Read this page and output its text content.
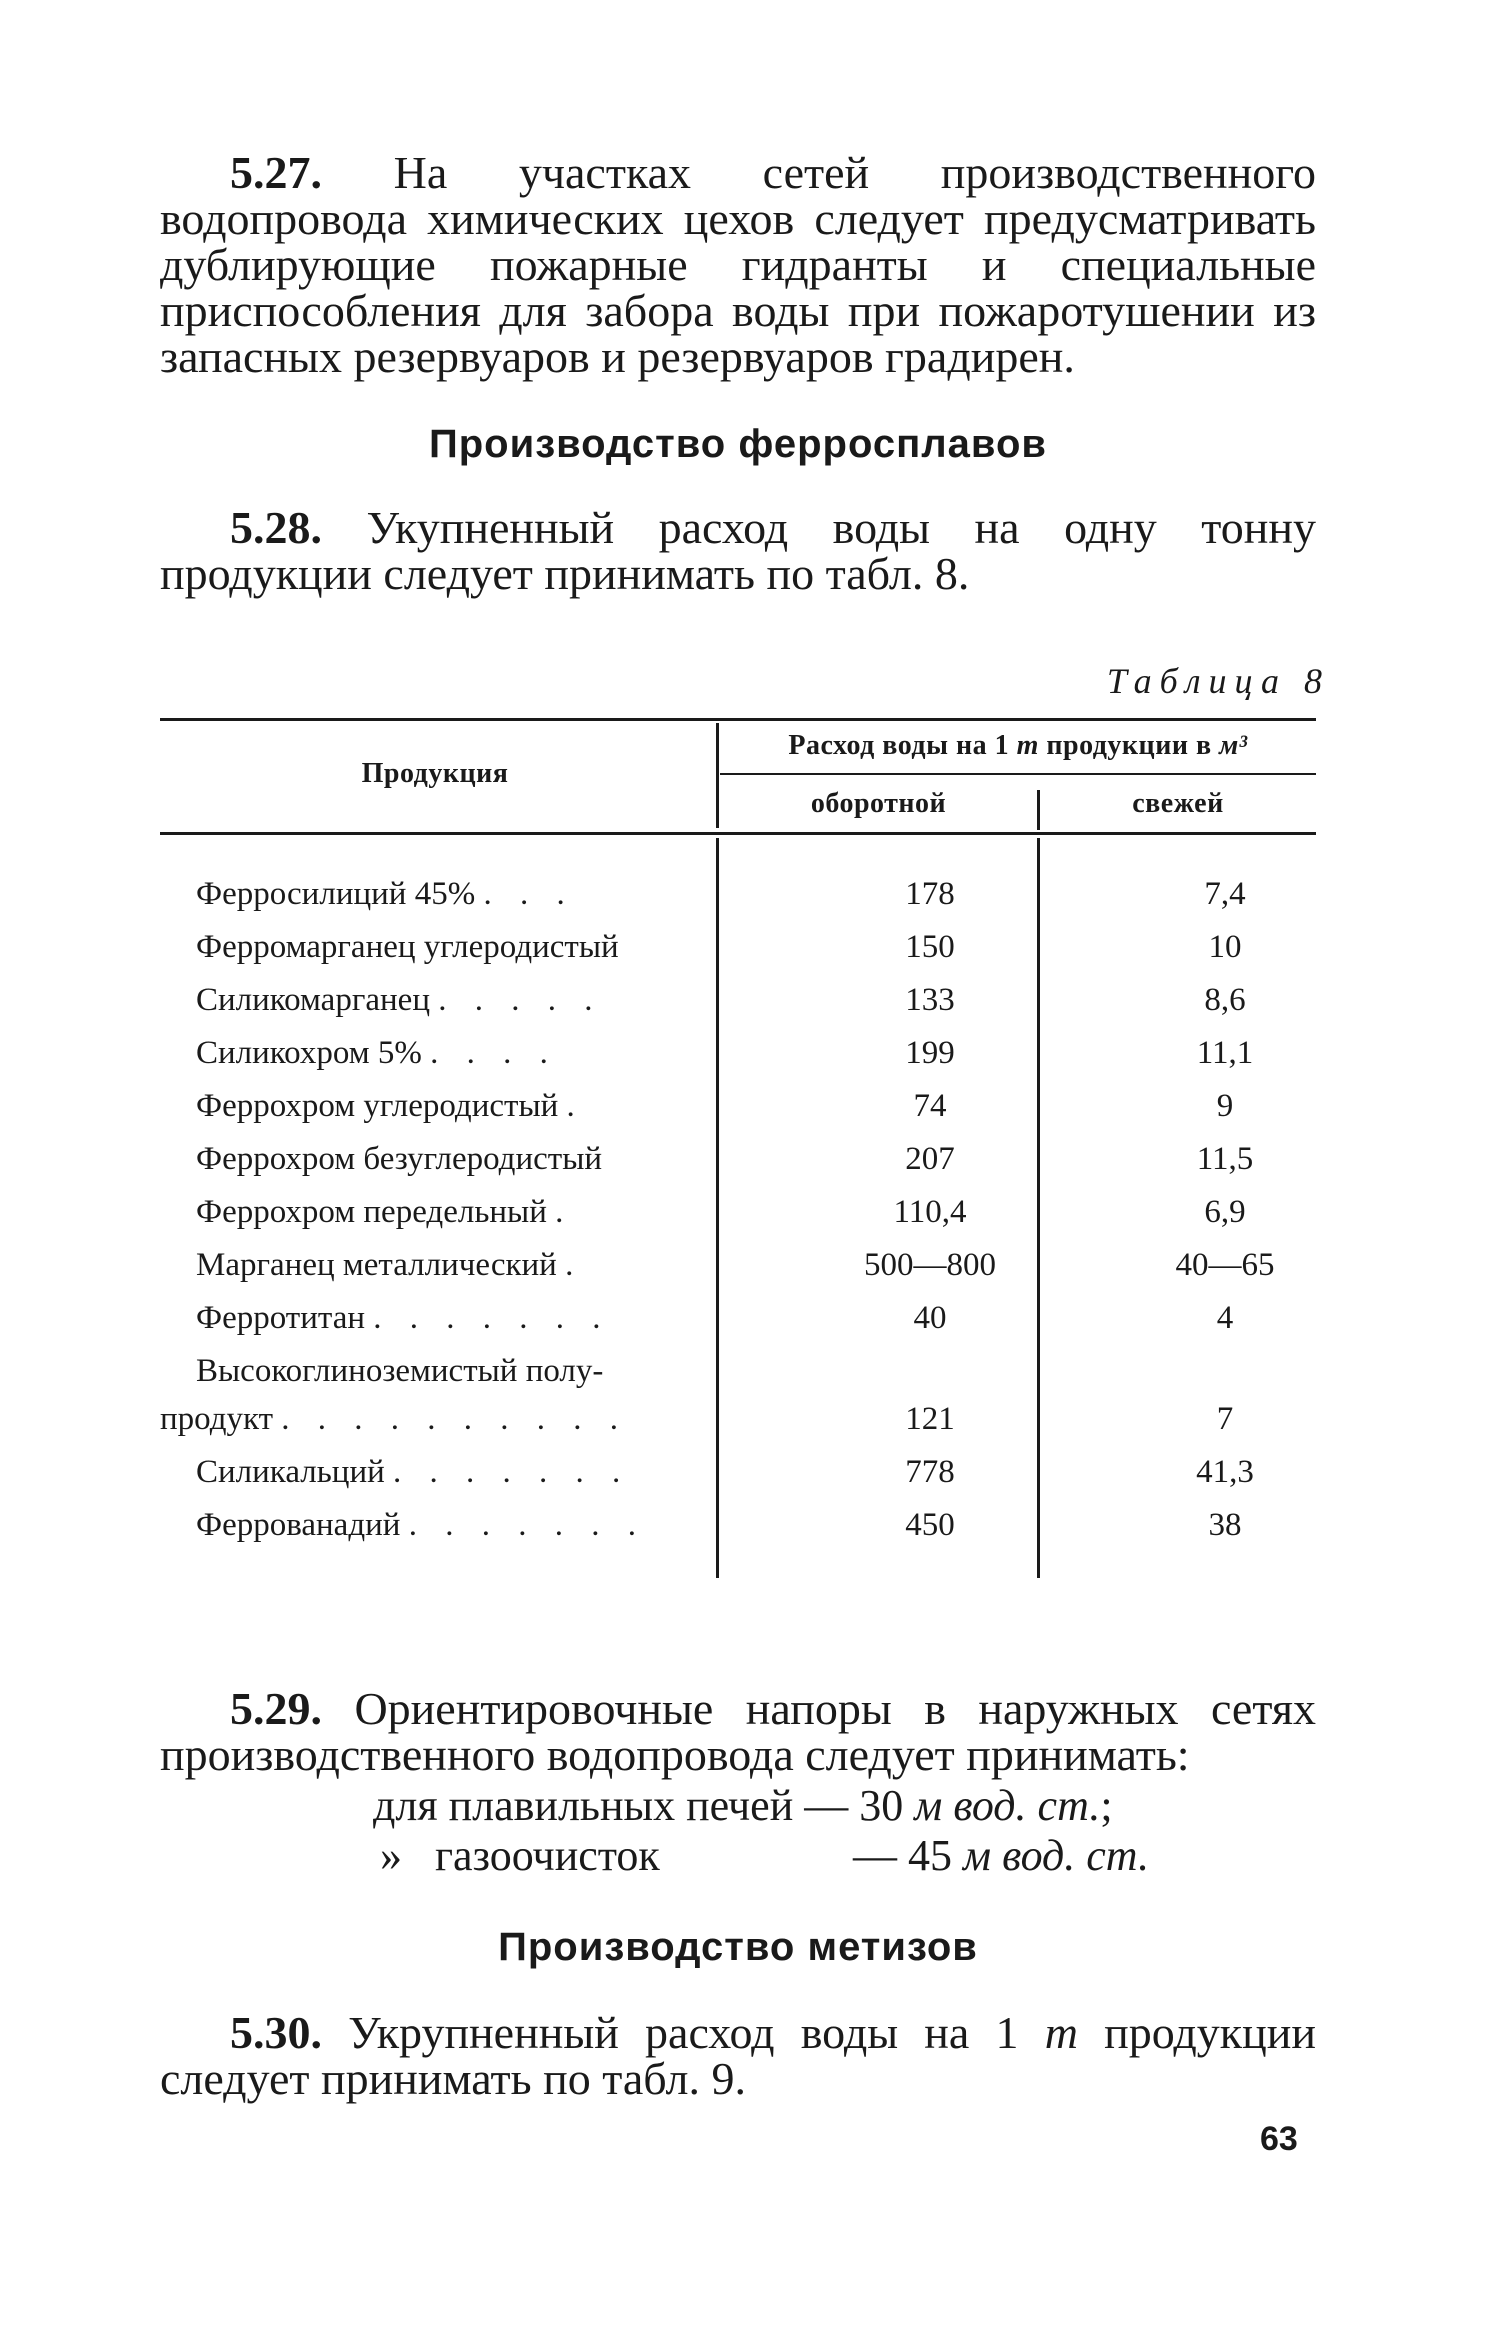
5.27. На участках сетей производственного водопровода химических цехов следует предусматривать дублирующие пожарные гидранты и специальные приспособления для забора воды при пожаротушении из запасных резервуаров и резервуаров градирен.
Производство ферросплавов
5.28. Укупненный расход воды на одну тонну продукции следует принимать по табл. 8.
Таблица 8
Продукция
Расход воды на 1 т продукции в м³
оборотной	свежей
Ферросилиций 45% . . .	178	7,4
Ферромарганец углеродистый	150	10
Силикомарганец . . . . .	133	8,6
Силикохром 5% . . . .	199	11,1
Феррохром углеродистый .	74	9
Феррохром безуглеродистый	207	11,5
Феррохром передельный .	110,4	6,9
Марганец металлический .	500—800	40—65
Ферротитан . . . . . . .	40	4
Высокоглиноземистый полу-
продукт . . . . . . . . . .	121	7
Силикальций . . . . . . .	778	41,3
Феррованадий . . . . . . .	450	38
5.29. Ориентировочные напоры в наружных сетях производственного водопровода следует принимать:
для плавильных печей — 30 м вод. ст.;
»   газоочисток	— 45 м вод. ст.
Производство метизов
5.30. Укрупненный расход воды на 1 т продукции следует принимать по табл. 9.
63
